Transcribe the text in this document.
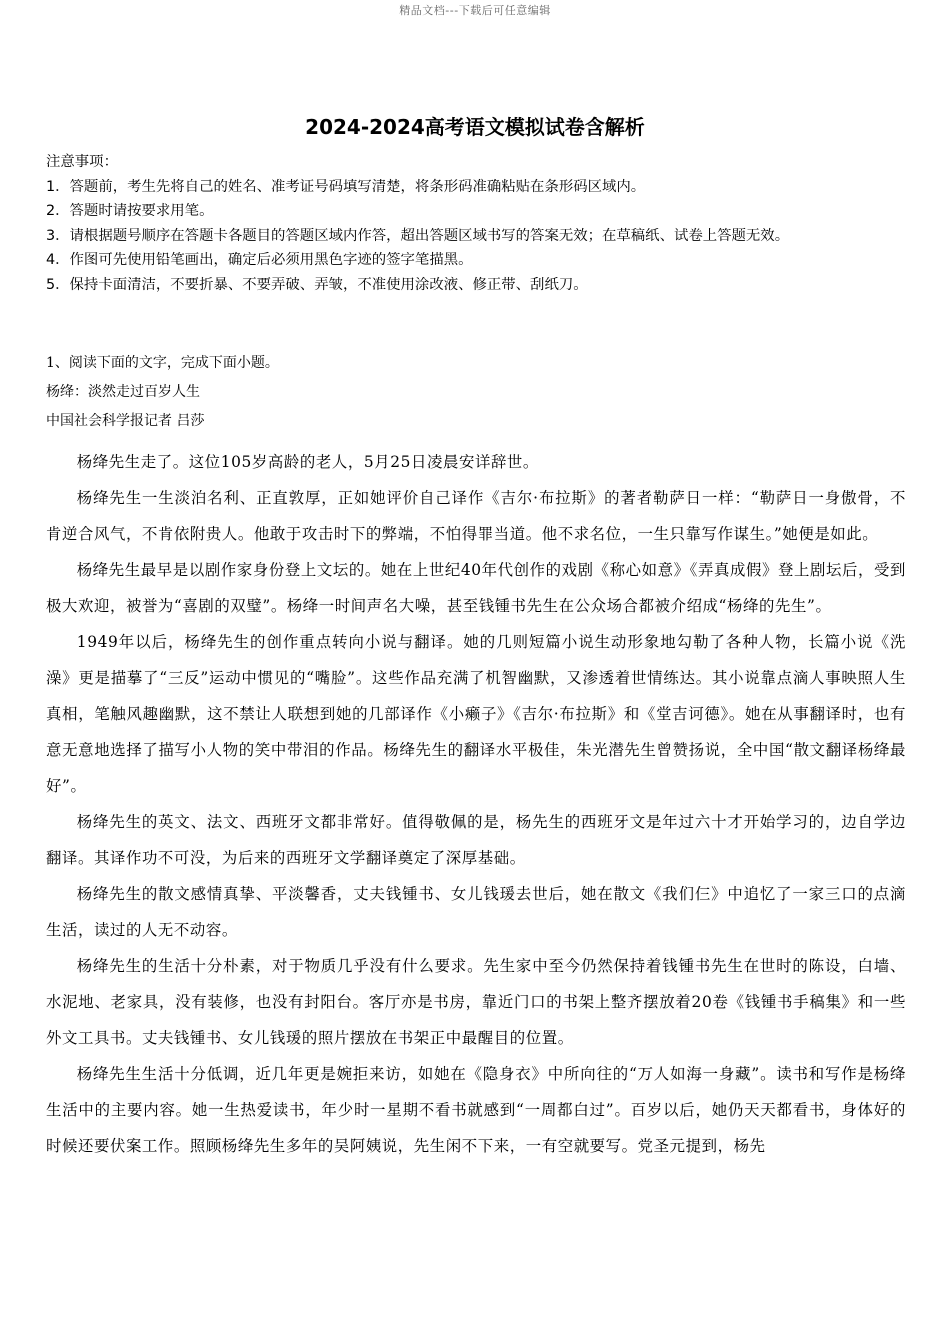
精品文档---下载后可任意编辑
2024-2024高考语文模拟试卷含解析
注意事项：
1．答题前，考生先将自己的姓名、准考证号码填写清楚，将条形码准确粘贴在条形码区域内。
2．答题时请按要求用笔。
3．请根据题号顺序在答题卡各题目的答题区域内作答，超出答题区域书写的答案无效；在草稿纸、试卷上答题无效。
4．作图可先使用铅笔画出，确定后必须用黑色字迹的签字笔描黑。
5．保持卡面清洁，不要折暴、不要弄破、弄皱，不准使用涂改液、修正带、刮纸刀。
1、阅读下面的文字，完成下面小题。
杨绛：淡然走过百岁人生
中国社会科学报记者 吕莎

杨绛先生走了。这位105岁高龄的老人，5月25日凌晨安详辞世。

杨绛先生一生淡泊名利、正直敦厚，正如她评价自己译作《吉尔·布拉斯》的著者勒萨日一样：“勒萨日一身傲骨，不肯逆合风气，不肯依附贵人。他敢于攻击时下的弊端，不怕得罪当道。他不求名位，一生只靠写作谋生。”她便是如此。

杨绛先生最早是以剧作家身份登上文坛的。她在上世纪40年代创作的戏剧《称心如意》《弄真成假》登上剧坛后，受到极大欢迎，被誉为“喜剧的双璧”。杨绛一时间声名大噪，甚至钱锺书先生在公众场合都被介绍成“杨绛的先生”。

1949年以后，杨绛先生的创作重点转向小说与翻译。她的几则短篇小说生动形象地勾勒了各种人物，长篇小说《洗澡》更是描摹了“三反”运动中惯见的“嘴脸”。这些作品充满了机智幽默，又渗透着世情练达。其小说靠点滴人事映照人生真相，笔触风趣幽默，这不禁让人联想到她的几部译作《小癞子》《吉尔·布拉斯》和《堂吉诃德》。她在从事翻译时，也有意无意地选择了描写小人物的笑中带泪的作品。杨绛先生的翻译水平极佳，朱光潜先生曾赞扬说，全中国“散文翻译杨绛最好”。

杨绛先生的英文、法文、西班牙文都非常好。值得敬佩的是，杨先生的西班牙文是年过六十才开始学习的，边自学边翻译。其译作功不可没，为后来的西班牙文学翻译奠定了深厚基础。

杨绛先生的散文感情真挚、平淡馨香，丈夫钱锺书、女儿钱瑗去世后，她在散文《我们仨》中追忆了一家三口的点滴生活，读过的人无不动容。

杨绛先生的生活十分朴素，对于物质几乎没有什么要求。先生家中至今仍然保持着钱锺书先生在世时的陈设，白墙、水泥地、老家具，没有装修，也没有封阳台。客厅亦是书房，靠近门口的书架上整齐摆放着20卷《钱锺书手稿集》和一些外文工具书。丈夫钱锺书、女儿钱瑗的照片摆放在书架正中最醒目的位置。

杨绛先生生活十分低调，近几年更是婉拒来访，如她在《隐身衣》中所向往的“万人如海一身藏”。读书和写作是杨绛生活中的主要内容。她一生热爱读书，年少时一星期不看书就感到“一周都白过”。百岁以后，她仍天天都看书，身体好的时候还要伏案工作。照顾杨绛先生多年的吴阿姨说，先生闲不下来，一有空就要写。党圣元提到，杨先
